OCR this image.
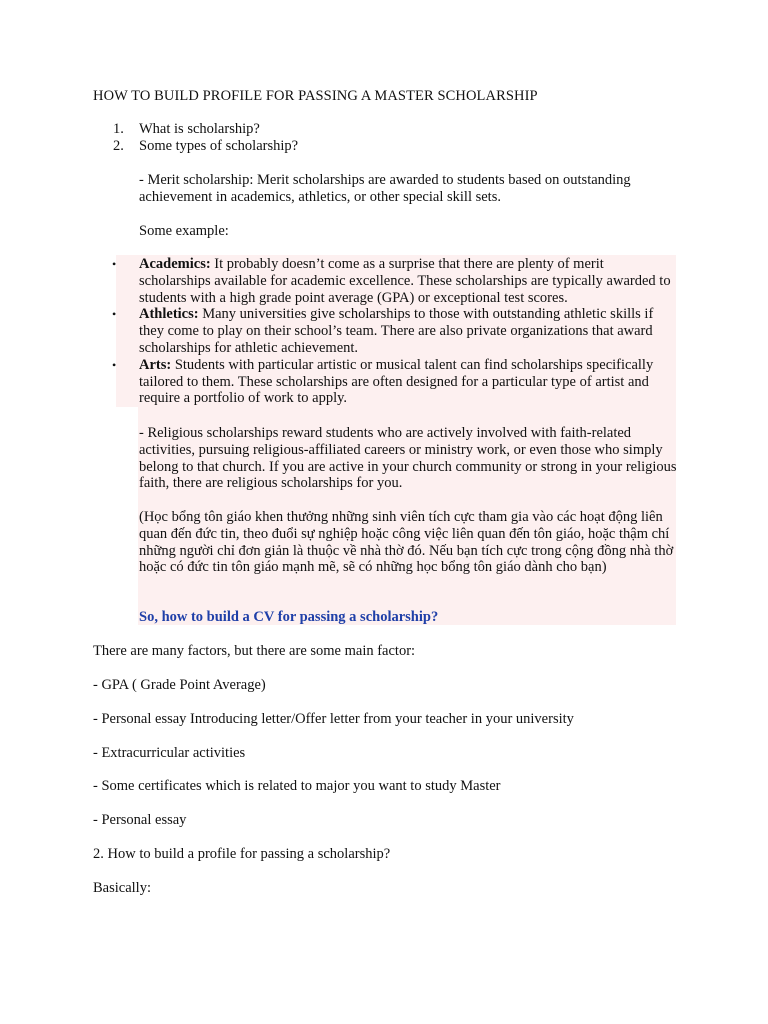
HOW TO BUILD PROFILE FOR PASSING A MASTER SCHOLARSHIP
1.	What is scholarship?
2.	Some types of scholarship?
- Merit scholarship: Merit scholarships are awarded to students based on outstanding achievement in academics, athletics, or other special skill sets.
Some example:
•	Academics: It probably doesn’t come as a surprise that there are plenty of merit scholarships available for academic excellence. These scholarships are typically awarded to students with a high grade point average (GPA) or exceptional test scores.
•	Athletics: Many universities give scholarships to those with outstanding athletic skills if they come to play on their school’s team. There are also private organizations that award scholarships for athletic achievement.
•	Arts: Students with particular artistic or musical talent can find scholarships specifically tailored to them. These scholarships are often designed for a particular type of artist and require a portfolio of work to apply.
- Religious scholarships reward students who are actively involved with faith-related activities, pursuing religious-affiliated careers or ministry work, or even those who simply belong to that church. If you are active in your church community or strong in your religious faith, there are religious scholarships for you.
(Học bổng tôn giáo khen thưởng những sinh viên tích cực tham gia vào các hoạt động liên quan đến đức tin, theo đuổi sự nghiệp hoặc công việc liên quan đến tôn giáo, hoặc thậm chí những người chỉ đơn giản là thuộc về nhà thờ đó. Nếu bạn tích cực trong cộng đồng nhà thờ hoặc có đức tin tôn giáo mạnh mẽ, sẽ có những học bổng tôn giáo dành cho bạn)
So, how to build a CV for passing a scholarship?
There are many factors, but there are some main factor:
- GPA ( Grade Point Average)
- Personal essay Introducing letter/Offer letter from your teacher in your university
- Extracurricular activities
- Some certificates which is related to major you want to study Master
- Personal essay
2. How to build a profile for passing a scholarship?
Basically:
